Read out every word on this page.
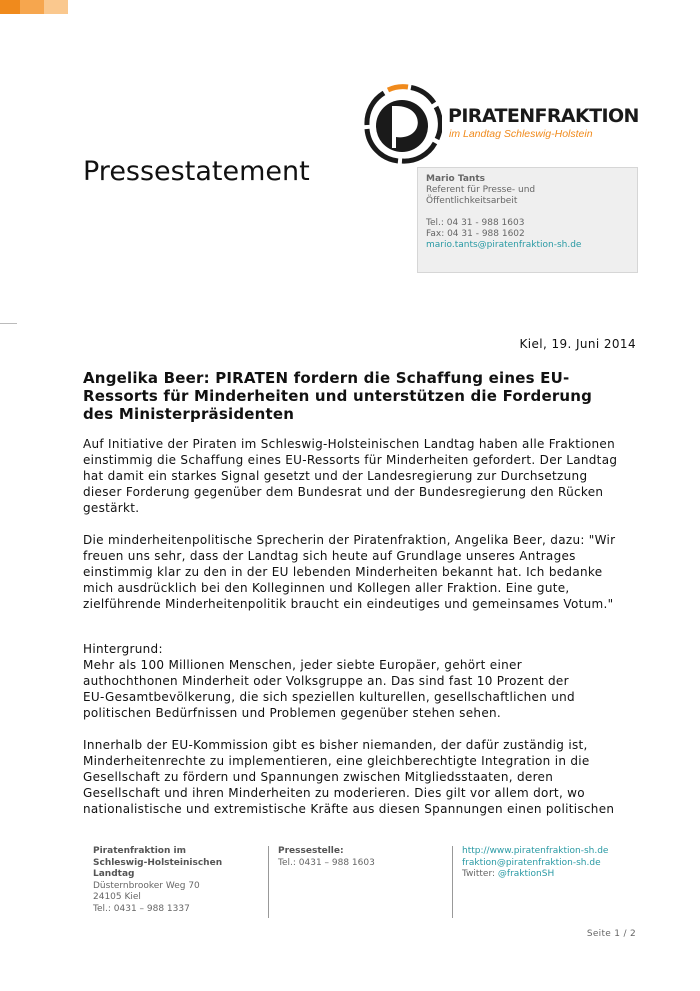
PIRATENFRAKTION
im Landtag Schleswig-Holstein
Pressestatement	Mario Tants
Referent für Presse- und
Öffentlichkeitsarbeit
Tel.: 04 31 - 988 1603
Fax: 04 31 - 988 1602
mario.tants@piratenfraktion-sh.de
Kiel, 19. Juni 2014
Angelika Beer: PIRATEN fordern die Schaffung eines EU-Ressorts für Minderheiten und unterstützen die Forderung des Ministerpräsidenten

Auf Initiative der Piraten im Schleswig-Holsteinischen Landtag haben alle Fraktionen

einstimmig die Schaffung eines EU-Ressorts für Minderheiten gefordert. Der Landtag

hat damit ein starkes Signal gesetzt und der Landesregierung zur Durchsetzung

dieser Forderung gegenüber dem Bundesrat und der Bundesregierung den Rücken

gestärkt.

Die minderheitenpolitische Sprecherin der Piratenfraktion, Angelika Beer, dazu: "Wir

freuen uns sehr, dass der Landtag sich heute auf Grundlage unseres Antrages

einstimmig klar zu den in der EU lebenden Minderheiten bekannt hat. Ich bedanke

mich ausdrücklich bei den Kolleginnen und Kollegen aller Fraktion. Eine gute,

zielführende Minderheitenpolitik braucht ein eindeutiges und gemeinsames Votum."

Hintergrund:

Mehr als 100 Millionen Menschen, jeder siebte Europäer, gehört einer

authochthonen Minderheit oder Volksgruppe an. Das sind fast 10 Prozent der

EU-Gesamtbevölkerung, die sich speziellen kulturellen, gesellschaftlichen und

politischen Bedürfnissen und Problemen gegenüber stehen sehen.

Innerhalb der EU-Kommission gibt es bisher niemanden, der dafür zuständig ist,

Minderheitenrechte zu implementieren, eine gleichberechtigte Integration in die

Gesellschaft zu fördern und Spannungen zwischen Mitgliedsstaaten, deren

Gesellschaft und ihren Minderheiten zu moderieren. Dies gilt vor allem dort, wo

nationalistische und extremistische Kräfte aus diesen Spannungen einen politischen

Piratenfraktion im
Schleswig-Holsteinischen
Landtag
Düsternbrooker Weg 70
24105 Kiel
Tel.: 0431 – 988 1337
Pressestelle:
Tel.: 0431 – 988 1603
http://www.piratenfraktion-sh.de
fraktion@piratenfraktion-sh.de
Twitter: @fraktionSH
Seite 1 / 2
